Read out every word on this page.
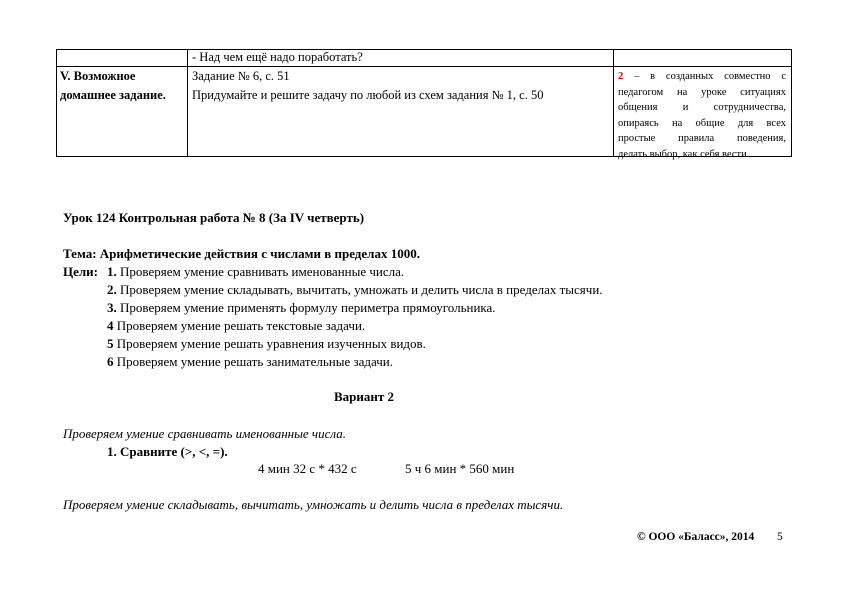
- Над чем ещё надо поработать?
V. Возможное
домашнее задание.
Задание № 6, с. 51
Придумайте и решите задачу по любой из схем задания № 1, с. 50
2 – в созданных совместно с
педагогом на уроке ситуациях
общения и сотрудничества,
опираясь на общие для всех
простые правила поведения,
делать выбор, как себя вести.
Урок 124 Контрольная работа № 8 (За IV четверть)
Тема: Арифметические действия с числами в пределах 1000.
Цели: 1. Проверяем умение сравнивать именованные числа.
2. Проверяем умение складывать, вычитать, умножать и делить числа в пределах тысячи.
3. Проверяем умение применять формулу периметра прямоугольника.
4 Проверяем умение решать текстовые задачи.
5 Проверяем умение решать уравнения изученных видов.
6 Проверяем умение решать занимательные задачи.
Вариант 2
Проверяем умение сравнивать именованные числа.
1. Сравните (>, <, =).
4 мин 32 с * 432 с	5 ч 6 мин * 560 мин
Проверяем умение складывать, вычитать, умножать и делить числа в пределах тысячи.
© ООО «Баласс», 2014 5
